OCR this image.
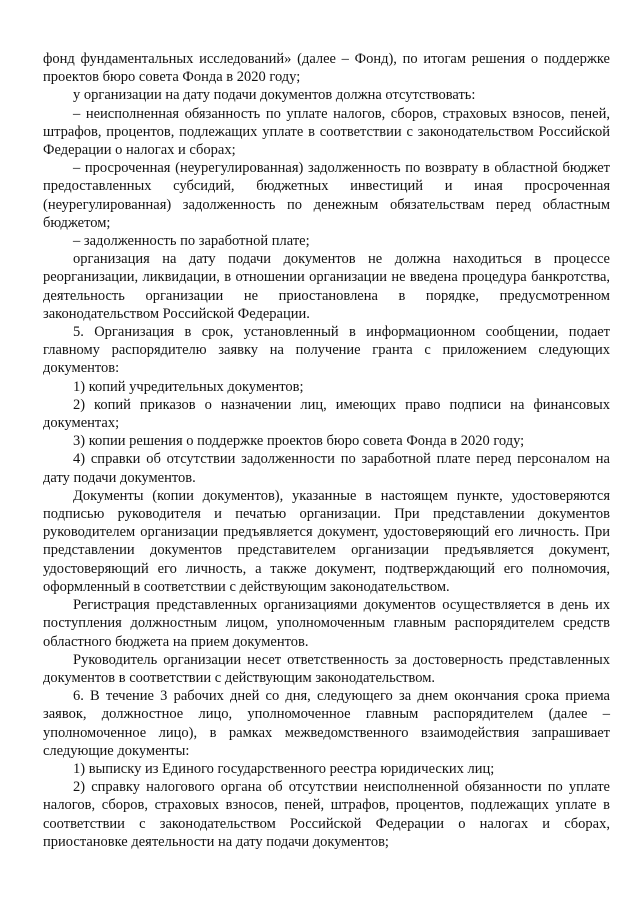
фонд фундаментальных исследований» (далее – Фонд), по итогам решения о поддержке проектов бюро совета Фонда в 2020 году;

у организации на дату подачи документов должна отсутствовать:

– неисполненная обязанность по уплате налогов, сборов, страховых взносов, пеней, штрафов, процентов, подлежащих уплате в соответствии с законодательством Российской Федерации о налогах и сборах;

– просроченная (неурегулированная) задолженность по возврату в областной бюджет предоставленных субсидий, бюджетных инвестиций и иная просроченная (неурегулированная) задолженность по денежным обязательствам перед областным бюджетом;

– задолженность по заработной плате;

организация на дату подачи документов не должна находиться в процессе реорганизации, ликвидации, в отношении организации не введена процедура банкротства, деятельность организации не приостановлена в порядке, предусмотренном законодательством Российской Федерации.

5. Организация в срок, установленный в информационном сообщении, подает главному распорядителю заявку на получение гранта с приложением следующих документов:

1) копий учредительных документов;

2) копий приказов о назначении лиц, имеющих право подписи на финансовых документах;

3) копии решения о поддержке проектов бюро совета Фонда в 2020 году;

4) справки об отсутствии задолженности по заработной плате перед персоналом на дату подачи документов.

Документы (копии документов), указанные в настоящем пункте, удостоверяются подписью руководителя и печатью организации. При представлении документов руководителем организации предъявляется документ, удостоверяющий его личность. При представлении документов представителем организации предъявляется документ, удостоверяющий его личность, а также документ, подтверждающий его полномочия, оформленный в соответствии с действующим законодательством.

Регистрация представленных организациями документов осуществляется в день их поступления должностным лицом, уполномоченным главным распорядителем средств областного бюджета на прием документов.

Руководитель организации несет ответственность за достоверность представленных документов в соответствии с действующим законодательством.

6. В течение 3 рабочих дней со дня, следующего за днем окончания срока приема заявок, должностное лицо, уполномоченное главным распорядителем (далее – уполномоченное лицо), в рамках межведомственного взаимодействия запрашивает следующие документы:

1) выписку из Единого государственного реестра юридических лиц;

2) справку налогового органа об отсутствии неисполненной обязанности по уплате налогов, сборов, страховых взносов, пеней, штрафов, процентов, подлежащих уплате в соответствии с законодательством Российской Федерации о налогах и сборах, приостановке деятельности на дату подачи документов;
